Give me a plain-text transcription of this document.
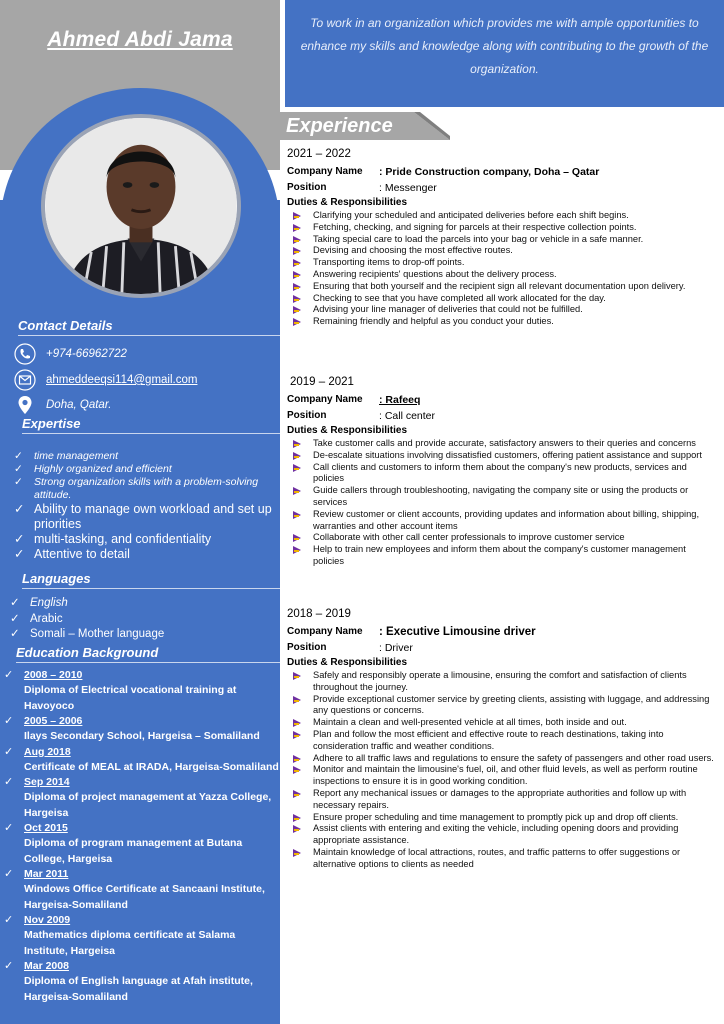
Ahmed Abdi Jama
Contact Details
+974-66962722
ahmeddeeqsi114@gmail.com
Doha, Qatar.
Expertise
✓ time management
✓ Highly organized and efficient
✓ Strong organization skills with a problem-solving attitude.
✓ Ability to manage own workload and set up priorities
✓ multi-tasking, and confidentiality
✓ Attentive to detail
Languages
✓ English
✓ Arabic
✓ Somali – Mother language
Education Background
✓ 2008 – 2010
Diploma of Electrical vocational training at Havoyoco
✓ 2005 – 2006
Ilays Secondary School, Hargeisa – Somaliland
✓ Aug 2018
Certificate of MEAL at IRADA, Hargeisa-Somaliland
✓ Sep 2014
Diploma of project management at Yazza College, Hargeisa
✓ Oct 2015
Diploma of program management at Butana College, Hargeisa
✓ Mar 2011
Windows Office Certificate at Sancaani Institute, Hargeisa-Somaliland
✓ Nov 2009
Mathematics diploma certificate at Salama Institute, Hargeisa
✓ Mar 2008
Diploma of English language at Afah institute, Hargeisa-Somaliland
To work in an organization which provides me with ample opportunities to enhance my skills and knowledge along with contributing to the growth of the organization.
Experience
2021 – 2022
Company Name	: Pride Construction company, Doha – Qatar
Position	: Messenger
Duties & Responsibilities
Clarifying your scheduled and anticipated deliveries before each shift begins.
Fetching, checking, and signing for parcels at their respective collection points.
Taking special care to load the parcels into your bag or vehicle in a safe manner.
Devising and choosing the most effective routes.
Transporting items to drop-off points.
Answering recipients' questions about the delivery process.
Ensuring that both yourself and the recipient sign all relevant documentation upon delivery.
Checking to see that you have completed all work allocated for the day.
Advising your line manager of deliveries that could not be fulfilled.
Remaining friendly and helpful as you conduct your duties.
2019 – 2021
Company Name	: Rafeeq
Position	: Call center
Duties & Responsibilities
Take customer calls and provide accurate, satisfactory answers to their queries and concerns
De-escalate situations involving dissatisfied customers, offering patient assistance and support
Call clients and customers to inform them about the company's new products, services and policies
Guide callers through troubleshooting, navigating the company site or using the products or services
Review customer or client accounts, providing updates and information about billing, shipping, warranties and other account items
Collaborate with other call center professionals to improve customer service
Help to train new employees and inform them about the company's customer management policies
2018 – 2019
Company Name	: Executive Limousine driver
Position	: Driver
Duties & Responsibilities
Safely and responsibly operate a limousine, ensuring the comfort and satisfaction of clients throughout the journey.
Provide exceptional customer service by greeting clients, assisting with luggage, and addressing any questions or concerns.
Maintain a clean and well-presented vehicle at all times, both inside and out.
Plan and follow the most efficient and effective route to reach destinations, taking into consideration traffic and weather conditions.
Adhere to all traffic laws and regulations to ensure the safety of passengers and other road users.
Monitor and maintain the limousine's fuel, oil, and other fluid levels, as well as perform routine inspections to ensure it is in good working condition.
Report any mechanical issues or damages to the appropriate authorities and follow up with necessary repairs.
Ensure proper scheduling and time management to promptly pick up and drop off clients.
Assist clients with entering and exiting the vehicle, including opening doors and providing appropriate assistance.
Maintain knowledge of local attractions, routes, and traffic patterns to offer suggestions or alternative options to clients as needed
